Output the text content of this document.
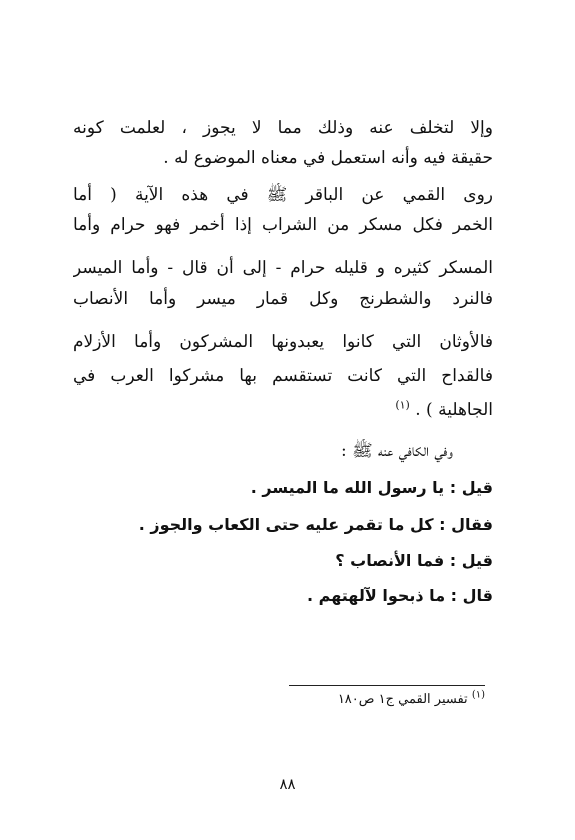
وإلا لتخلف عنه وذلك مما لا يجوز ، لعلمت كونه
حقيقة فيه وأنه استعمل في معناه الموضوع له .
روى القمي عن الباقر ﷺ في هذه الآية ( أما
الخمر فكل مسكر من الشراب إذا أخمر فهو حرام وأما
المسكر كثيره و قليله حرام - إلى أن قال - وأما الميسر
فالنرد والشطرنج وكل قمار ميسر وأما الأنصاب
فالأوثان التي كانوا يعبدونها المشركون وأما الأزلام
فالقداح التي كانت تستقسم بها مشركوا العرب في
الجاهلية ) . $^{(١)}$
وفي الكافي عنه ﷺ :
قيل : يا رسول الله ما الميسر .
فقال : كل ما تقمر عليه حتى الكعاب والجوز .
قيل : فما الأنصاب ؟
قال : ما ذبحوا لآلهتهم .
$^{(١)}$ تفسير القمي ج١ ص١٨٠
٨٨
